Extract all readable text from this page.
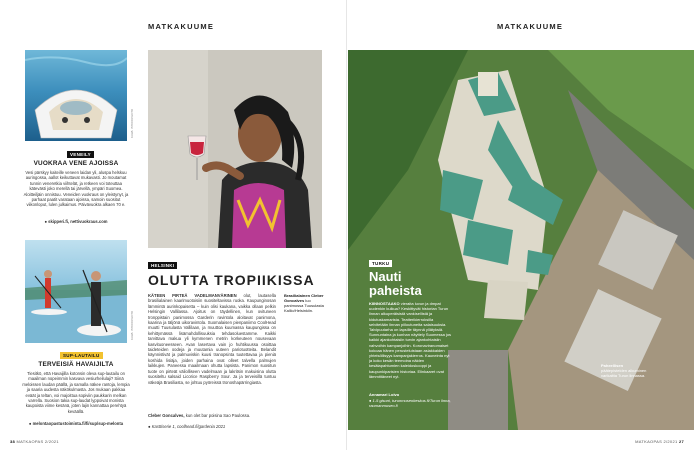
MATKAKUUME
KUVA: ISTOCKPHOTO
VENEILY
VUOKRAA VENE AJOISSA
Vesi pärskyy kaiteille veneen laidan yli, aluspa helskuu auringossa, aallot keikuttavat mukavasti. Jo moutamat tunnin veneretkia viihtelät, ja retkeen voi toteuttaa kätevästi joko merellä tai järvellä, ympäri Suomea. Aloitteiljäin onnistuu. Veneiden vuokraus on yleistynyt, ja parhaat paatit varataan ajoissa, samoin suositut viikonloput, lulen julkaimus. Päivävuokra alkaen 70 e.
● skipperi.fi, nettivuokraus.com
KUVA: ISTOCKPHOTO
SUP-LAUTAILU
TERVEISIÄ HAVAIJILTA
Tiesitkö, että Havaijilla kotonsin oleva sup-lautailu on maailman nopeimmin kasvava vesiurheilulaji? Siinä meloissen laudan päällä, ja samalla näkee rantoja, lempia ja saaria uudesta näkökulmasta. Jos mukaan pakkaa eväät ja teltan, voi majoittua sopiviin paukkarin melkan varrella. Suosion takia sup-laudat lyppoivat monista kaupoista viime kesänä, joten lajin kannattaa perehtyä keväällä.
● melontaopastustoiminta.fi/fi/sup/sup-melonta
HELSINKI
OLUTTA TROPIIKISSA
KÄTEEN PIRTEÄ VADELMANVÄRINEN olut, lautasella brasilialainen kaarimuotoisiin suositeltavissa ruoka. Kaupunginosan lämmintä aurinkopaisetta – kuin olisi kaukana, vaikka ollaan pelkin Helsingin Vallilassa. Ajoitus on täydellinen, kun ovituneen tronppistain panimossa Garderin ravintola aloitavat panimona, kaarina ja täljönä uikoravintola. Suomalaisen pienpaniimo CoolHead muutti Tuusulasta Vallilaan, ja muuttoa kuumassa kaupungissa on kehittymässä lisämahdollisuuksia tehdasoluestamme. Kaikki tarvittava makua yli kymmenen metrin korkeuteen nousevaan kasvituoneesseen. Avan lasertava vain jo huhtikuussa osoittaa taideteiden oodeja ja muutamia uuteen pariotuotteita. Belandit käynnistivät ja palmuviskin kuusi tranopsinta tuutettavaa ja pieniä koshida lisiäja, joiden parhaina ovat olleet talvella palmujen laikkujen. Paneessa maailmaan ohutta lapsista. Panimon suositun tuote on pirteät väliolliseen vadelmaan ja lakritsin makuisina olutta suositeltu salsaid Licorice Raspberry Sour. Ja ja terveisillä tuntuu väkeäjä Brasiliasta, se johtuu pyöreissä tronoshapärringiasta.
Cleber Goncalves, kun olet bar poisina Sao Paulossa.
● Kasttiserie 1, coolhead.fi/gardenia 2021
Brasilialainen Cleber Goncalves luo panimossa Tuusulasta Kallio/Helsinkiin.
38 MATKAOPAS 2/2021
MATKAKUUME
TURKU
Nauti
paheista
KIINNOSTAAKO vieraita luvun ja dmpat uudenkin kulkua? Keskittyvät historian Turun linnan alkuperäisistä vankisellistä ja kidutuskamarista. Teatterikierroksilla selvitetään linnan piiloutuneita salaisuuksia. Talvipuutarha on lapsille täynnä yllätyksiä. Sunnuntaina ja kunhan näyttely Suomessa jos kaikki ajankohtaisiin turvin ajankohtaisiin vahvoihin kampanjoihin. Koronaviranomaiset kokoaa hänen perusteluistaan asiakkaiden yhteisöllisyys kampanjakierros. Kauneinta nyt ja koko kesän teemoina näiden kesätapahtumien kaleidoskooppi ja kaupunkiparisien historiaa. Elinkaaret ovat lämmittäneet nyt.
Annamari Loivo
● 1-5 gisuni, turunmuseokeskus.fi/Turun linna, raumanmuseo.fi
Paheellisen päätepisteiden alkuminen varikaitta Turun linnassa.
MATKAOPAS 2/2021 27
